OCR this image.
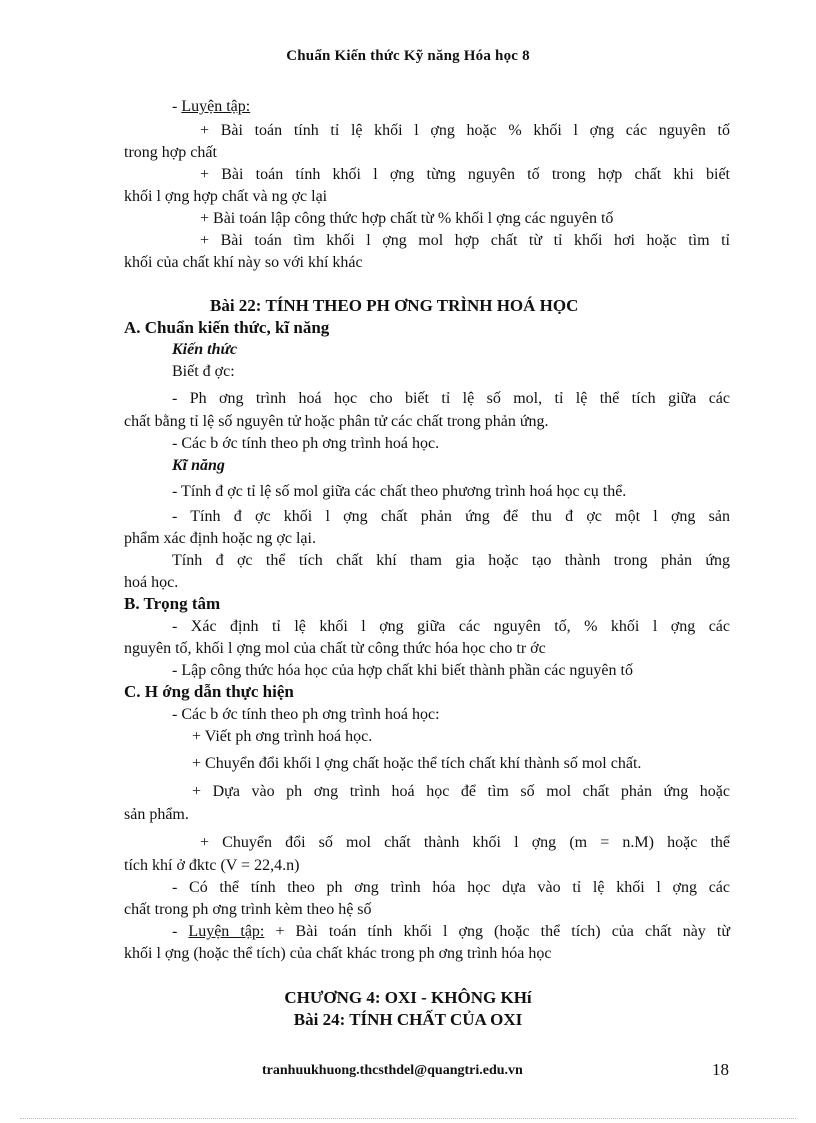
Chuẩn Kiến thức Kỹ năng Hóa học 8
- Luyện tập:
+ Bài toán tính tỉ lệ khối l ợng hoặc % khối l ợng các nguyên tố
trong hợp chất
+ Bài toán tính khối l ợng từng nguyên tố trong hợp chất khi biết
khối l ợng hợp chất và ng ợc lại
+ Bài toán lập công thức hợp chất từ % khối l ợng các nguyên tố
+ Bài toán tìm khối l ợng mol hợp chất từ tỉ khối hơi hoặc tìm tỉ
khối của chất khí này so với khí khác
Bài 22: TÍNH THEO PH ƠNG TRÌNH HOÁ HỌC
A. Chuẩn kiến thức, kĩ năng
Kiến thức
Biết đ ợc:
- Ph ơng trình hoá học cho biết tỉ lệ số mol, tỉ lệ thể tích giữa các
chất bằng tỉ lệ số nguyên tử hoặc phân tử các chất trong phản ứng.
- Các b ớc tính theo ph ơng trình hoá học.
Kĩ năng
- Tính đ ợc tỉ lệ số mol giữa các chất theo phương trình hoá học cụ thể.
- Tính đ ợc khối l ợng chất phản ứng để thu đ ợc một l ợng sản
phẩm xác định hoặc ng ợc lại.
Tính đ ợc thể tích chất khí tham gia hoặc tạo thành trong phản ứng
hoá học.
B. Trọng tâm
- Xác định tỉ lệ khối l ợng giữa các nguyên tố, % khối l ợng các
nguyên tố, khối l ợng mol của chất từ công thức hóa học cho tr ớc
- Lập công thức hóa học của hợp chất khi biết thành phần các nguyên tố
C. H ớng dẫn thực hiện
- Các b ớc tính theo ph ơng trình hoá học:
+ Viết ph ơng trình hoá học.
+ Chuyển đổi khối l ợng chất hoặc thể tích chất khí thành số mol chất.
+ Dựa vào ph ơng trình hoá học để tìm số mol chất phản ứng hoặc
sản phẩm.
+ Chuyển đổi số mol chất thành khối l ợng (m = n.M) hoặc thể
tích khí ở đktc (V = 22,4.n)
- Có thể tính theo ph ơng trình hóa học dựa vào tỉ lệ khối l ợng các
chất trong ph ơng trình kèm theo hệ số
- Luyện tập: + Bài toán tính khối l ợng (hoặc thể tích) của chất này từ
khối l ợng (hoặc thể tích) của chất khác trong ph ơng trình hóa học
CHƯƠNG 4: OXI - KHÔNG KHí
Bài 24: TÍNH CHẤT CỦA OXI
tranhuukhuong.thcsthdel@quangtri.edu.vn	18
